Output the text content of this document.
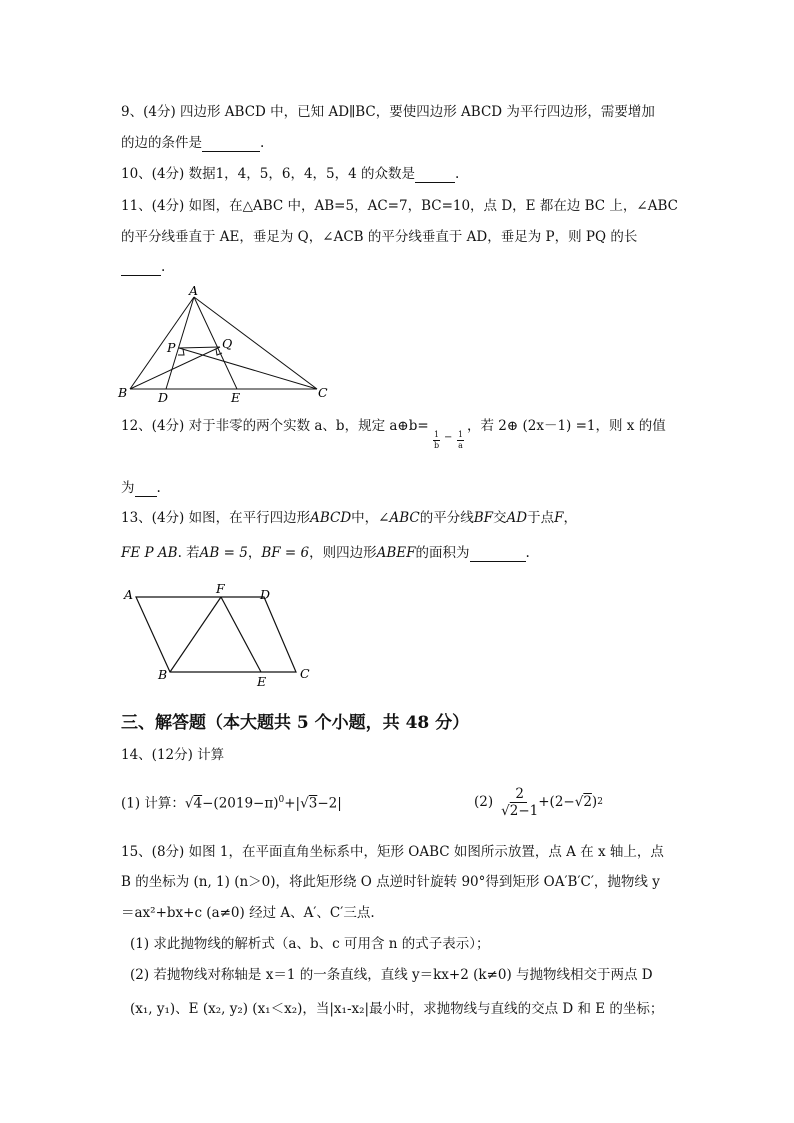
9、(4分) 四边形 ABCD 中，已知 AD∥BC，要使四边形 ABCD 为平行四边形，需要增加
的边的条件是	.
10、(4分) 数据1，4，5，6，4，5，4 的众数是	.
11、(4分) 如图，在△ABC 中，AB=5，AC=7，BC=10，点 D，E 都在边 BC 上，∠ABC
的平分线垂直于 AE，垂足为 Q，∠ACB 的平分线垂直于 AD，垂足为 P，则 PQ 的长
.
A
P	Q
B D	E	C
12、(4分) 对于非零的两个实数 a、b，规定 a⊕b=
$\frac{1}{b} - \frac{1}{a}$
，若 2⊕ (2x－1) =1，则 x 的值
为 .
13、(4分) 如图，在平行四边形ABCD中，∠ABC的平分线BF交AD于点F，
FE P AB. 若AB = 5，BF = 6，则四边形ABEF的面积为	.
A	F	D
B	E
C
三、解答题（本大题共 5 个小题，共 48 分）
14、(12分) 计算
(1) 计算：$√4-(2019-\pi)^0+|√3-2|$	$(2) \frac{2}{√2-1} +(2-$ √ 2 ) 2
15、(8分) 如图 1，在平面直角坐标系中，矩形 OABC 如图所示放置，点 A 在 x 轴上，点
B 的坐标为 (n, 1) (n＞0)，将此矩形绕 O 点逆时针旋转 90°得到矩形 OA′B′C′，抛物线 y
＝ax²+bx+c (a≠0) 经过 A、A′、C′三点.
(1) 求此抛物线的解析式（a、b、c 可用含 n 的式子表示）；
(2) 若抛物线对称轴是 x＝1 的一条直线，直线 y＝kx+2 (k≠0) 与抛物线相交于两点 D
(x₁, y₁)、E (x₂, y₂) (x₁＜x₂)，当|x₁-x₂|最小时，求抛物线与直线的交点 D 和 E 的坐标；
